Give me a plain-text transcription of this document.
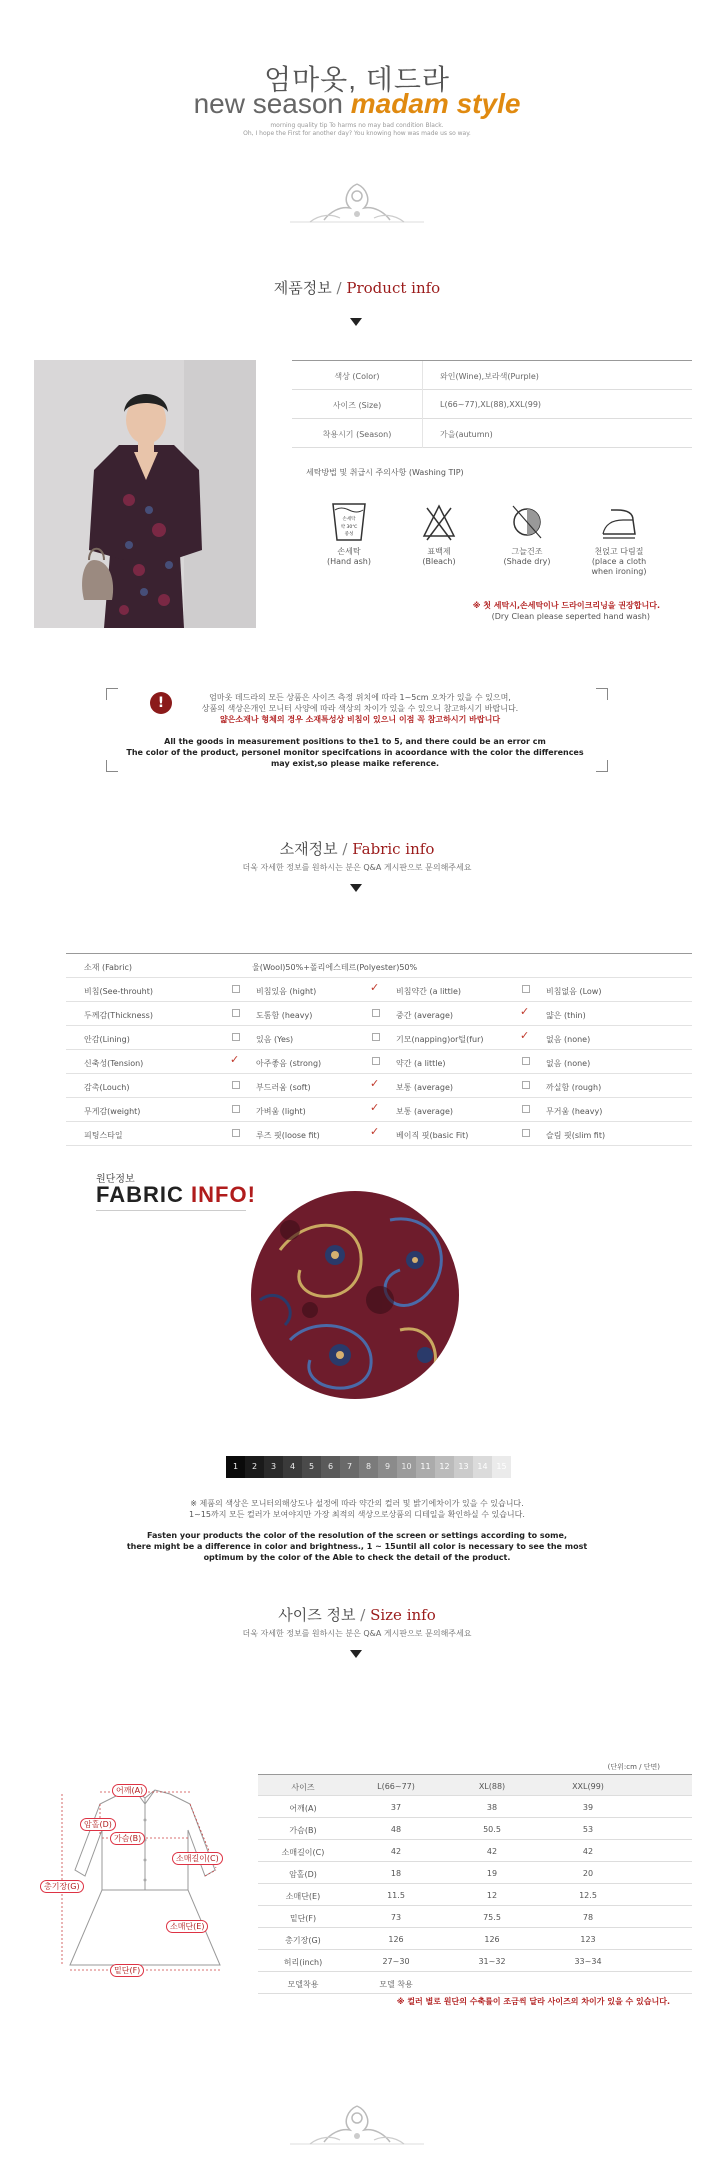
엄마옷, 데드라
new season madam style
morning quality tip To harms no may bad condition Black.
Oh, I hope the First for another day? You knowing how was made us so way.
제품정보 / Product info
색상 (Color)	와인(Wine),보라색(Purple)
사이즈 (Size)	L(66~77),XL(88),XXL(99)
착용시기 (Season)	가을(autumn)
세탁방법 및 취급시 주의사항 (Washing TIP)
손세탁
약 30℃
중성
손세탁
(Hand ash)
표백제
(Bleach)
그늘건조
(Shade dry)
천얹고 다림질
(place a cloth
when ironing)
※ 첫 세탁시,손세탁이나 드라이크리닝을 권장합니다.
(Dry Clean please seperted hand wash)
!	엄마옷 데드라의 모든 상품은 사이즈 측정 위치에 따라 1~5cm 오차가 있을 수 있으며,
상품의 색상은개인 모니터 사양에 따라 색상의 차이가 있을 수 있으니 참고하시기 바랍니다.
얇은소재나 형체의 경우 소재특성상 비침이 있으니 이점 꼭 참고하시기 바랍니다
All the goods in measurement positions to the1 to 5, and there could be an error cm
The color of the product, personel monitor specifcations in acoordance with the color the differences
may exist,so please maike reference.
소재정보 / Fabric info
더욱 자세한 정보를 원하시는 분은 Q&A 게시판으로 문의해주세요
소재 (Fabric)	울(Wool)50%+폴리에스테르(Polyester)50%
비침(See-throuht)	비침있음 (hight)	✓ 비침약간 (a little)	비침없음 (Low)
두께감(Thickness)	도톰함 (heavy)	중간 (average)	✓ 얇은 (thin)
안감(Lining)	있음 (Yes)	기모(napping)or털(fur)	✓ 없음 (none)
신축성(Tension)	✓ 아주좋음 (strong)	약간 (a little)	없음 (none)
감촉(Louch)	부드러움 (soft)	✓ 보통 (average)	까실함 (rough)
무게감(weight)	가벼움 (light)	✓ 보통 (average)	무거움 (heavy)
피팅스타일	루즈 핏(loose fit)	✓ 베이직 핏(basic Fit)	슬림 핏(slim fit)
원단정보
FABRIC INFO!
1	2	3	4	5	6	7	8	9	10	11	12	13	14	15
※ 제품의 색상은 모니터의해상도나 설정에 따라 약간의 컬러 및 밝기에차이가 있을 수 있습니다.
1~15까지 모든 컬러가 보여야지만 가장 최적의 색상으로상품의 디테일을 확인하실 수 있습니다.
Fasten your products the color of the resolution of the screen or settings according to some,
there might be a difference in color and brightness., 1 ~ 15until all color is necessary to see the most
optimum by the color of the Able to check the detail of the product.
사이즈 정보 / Size info
더욱 자세한 정보를 원하시는 분은 Q&A 게시판으로 문의해주세요
(단위:cm / 단면)
어깨(A)
가슴(B)
소매길이(C)
암홀(D)
소매단(E)
밑단(F)
총기장(G)
사이즈	L(66~77)	XL(88)	XXL(99)
어깨(A)	37	38	39
가슴(B)	48	50.5	53
소매길이(C)	42	42	42
암홀(D)	18	19	20
소매단(E)	11.5	12	12.5
밑단(F)	73	75.5	78
총기장(G)	126	126	123
허리(inch)	27~30	31~32	33~34
모델착용	모델 착용
※ 컬러 별로 원단의 수축률이 조금씩 달라 사이즈의 차이가 있을 수 있습니다.
